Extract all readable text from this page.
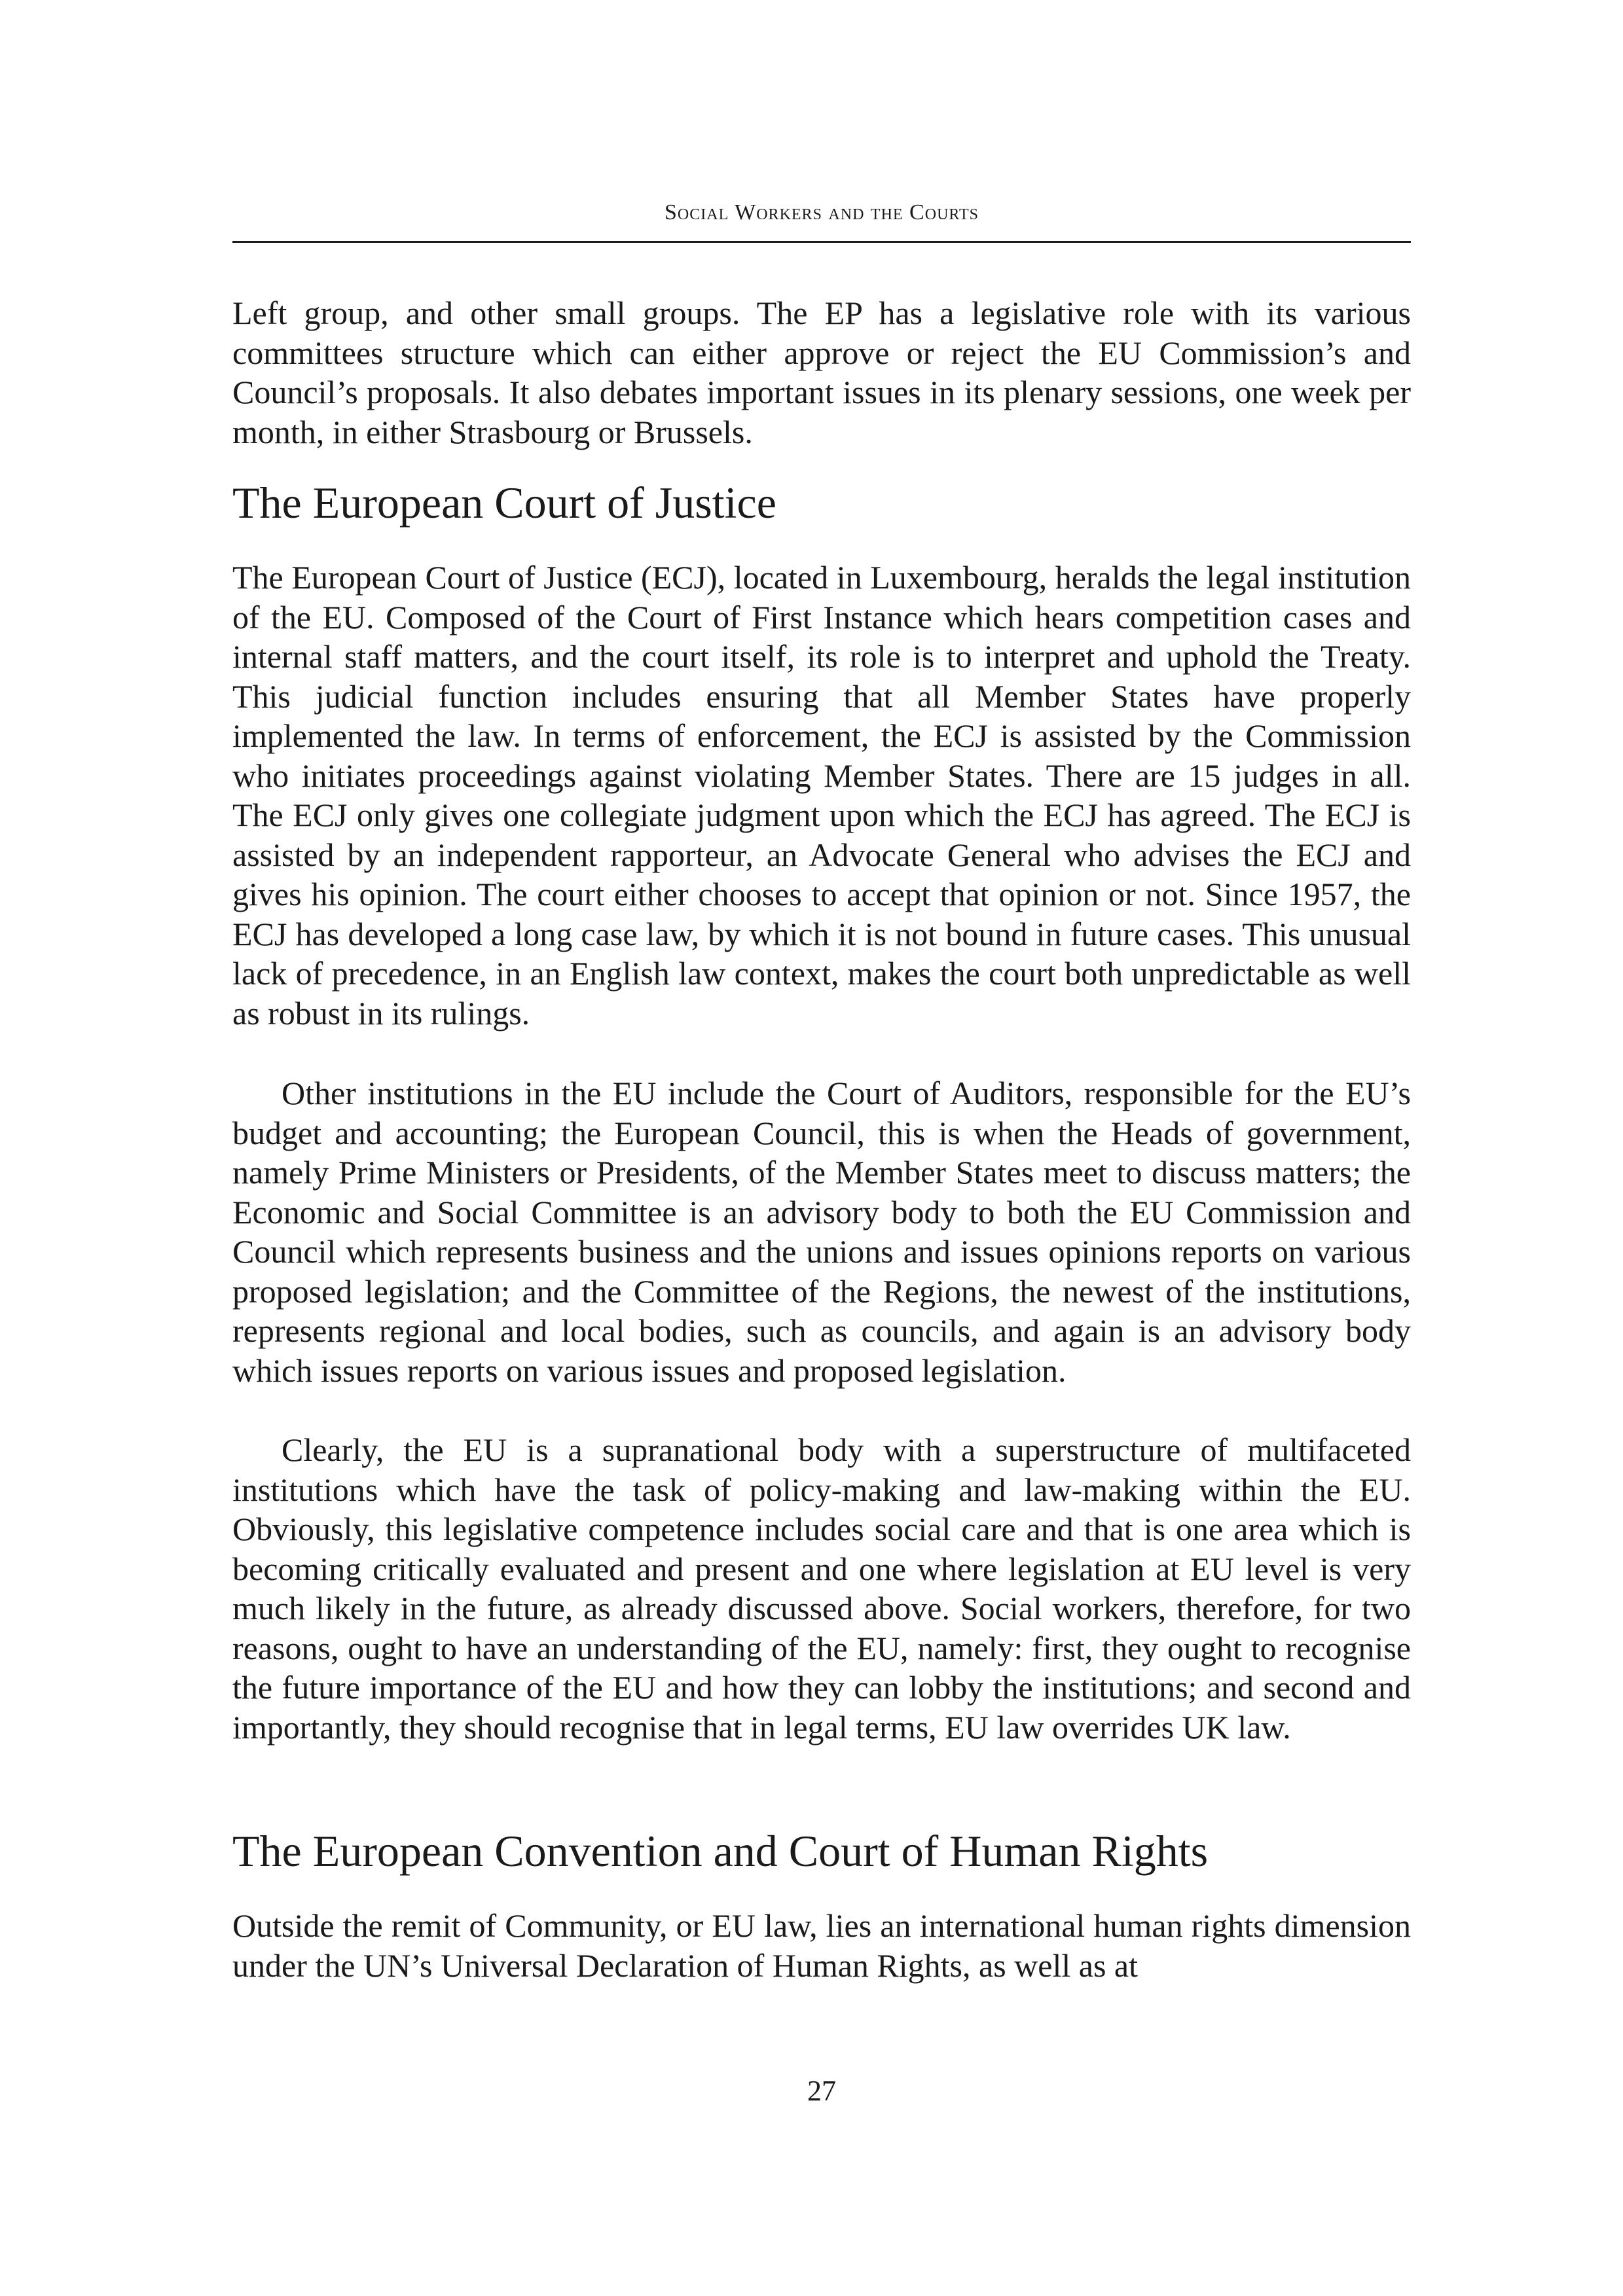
Social Workers and the Courts

Left group, and other small groups. The EP has a legislative role with its various committees structure which can either approve or reject the EU Commission’s and Council’s proposals. It also debates important issues in its plenary sessions, one week per month, in either Strasbourg or Brussels.

The European Court of Justice

The European Court of Justice (ECJ), located in Luxembourg, heralds the legal institution of the EU. Composed of the Court of First Instance which hears competition cases and internal staff matters, and the court itself, its role is to interpret and uphold the Treaty. This judicial function includes ensuring that all Member States have properly implemented the law. In terms of enforcement, the ECJ is assisted by the Commission who initiates proceedings against violating Member States. There are 15 judges in all. The ECJ only gives one collegiate judgment upon which the ECJ has agreed. The ECJ is assisted by an independent rapporteur, an Advocate General who advises the ECJ and gives his opinion. The court either chooses to accept that opinion or not. Since 1957, the ECJ has developed a long case law, by which it is not bound in future cases. This unusual lack of precedence, in an English law context, makes the court both unpredictable as well as robust in its rulings.

Other institutions in the EU include the Court of Auditors, responsible for the EU’s budget and accounting; the European Council, this is when the Heads of government, namely Prime Ministers or Presidents, of the Member States meet to discuss matters; the Economic and Social Committee is an advisory body to both the EU Commission and Council which represents business and the unions and issues opinions reports on various proposed legislation; and the Committee of the Regions, the newest of the institutions, represents regional and local bodies, such as councils, and again is an advisory body which issues reports on various issues and proposed legislation.

Clearly, the EU is a supranational body with a superstructure of multifaceted institutions which have the task of policy-making and law-making within the EU. Obviously, this legislative competence includes social care and that is one area which is becoming critically evaluated and present and one where legislation at EU level is very much likely in the future, as already discussed above. Social workers, therefore, for two reasons, ought to have an understanding of the EU, namely: first, they ought to recognise the future importance of the EU and how they can lobby the institutions; and second and importantly, they should recognise that in legal terms, EU law overrides UK law.

The European Convention and Court of Human Rights

Outside the remit of Community, or EU law, lies an international human rights dimension under the UN’s Universal Declaration of Human Rights, as well as at

27
